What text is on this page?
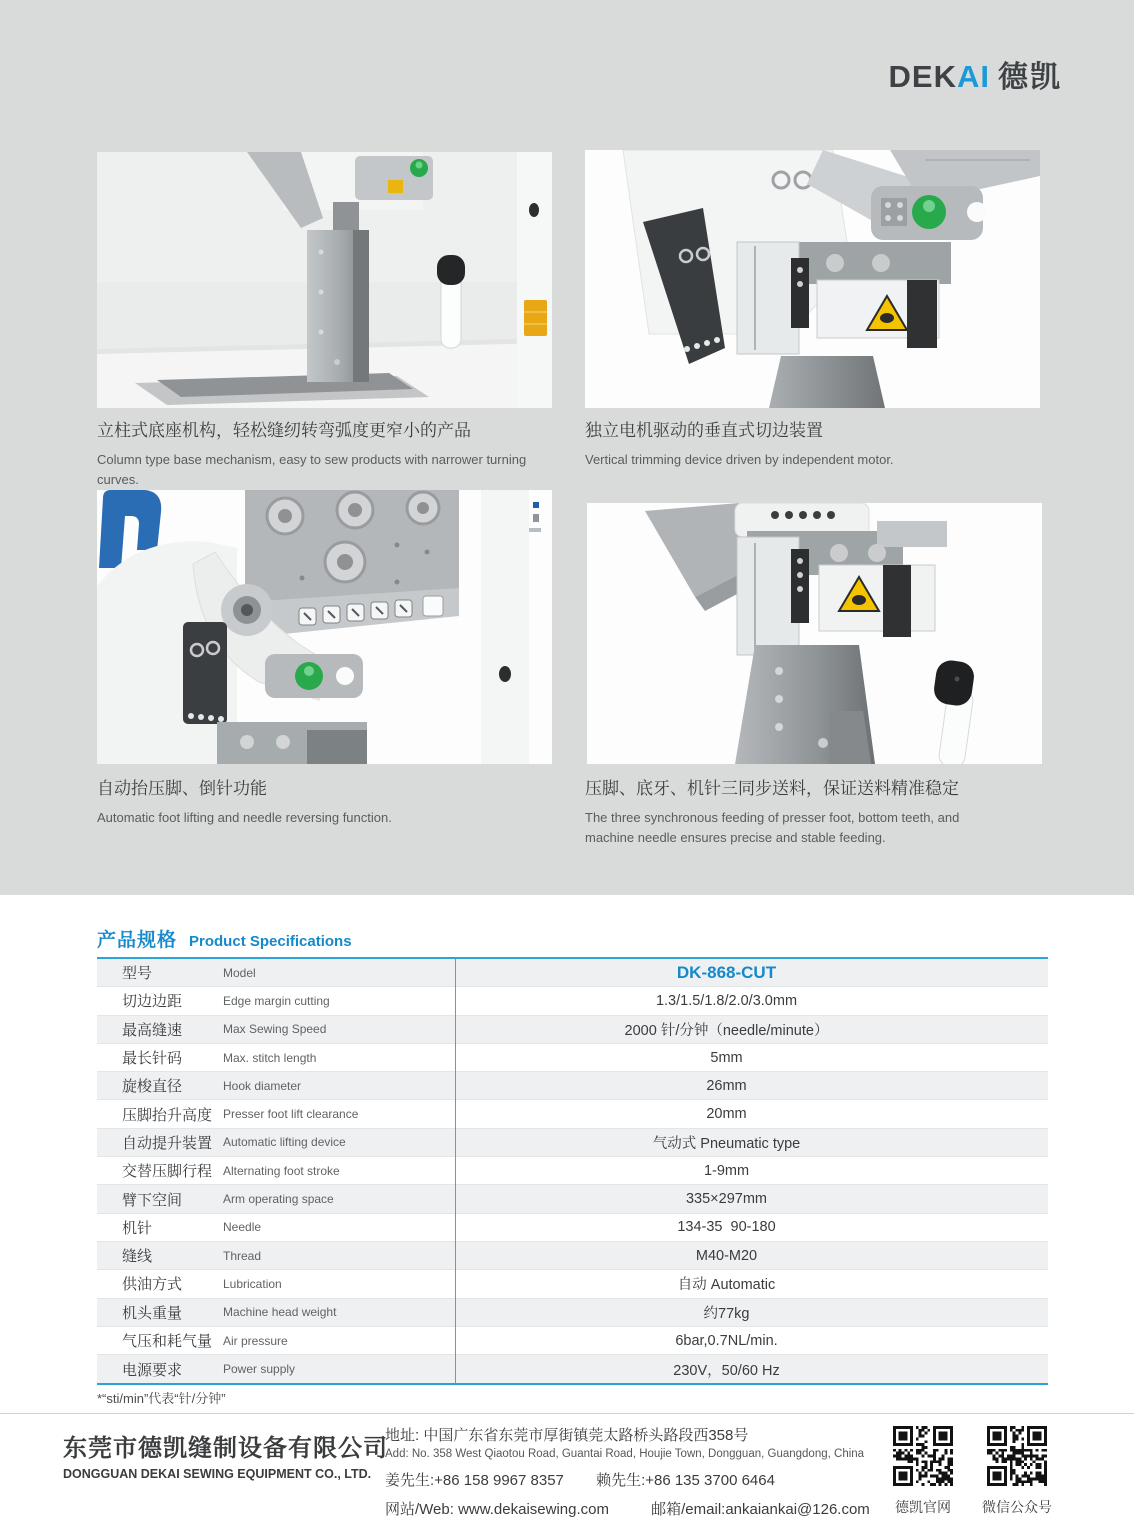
DEK AI 德凯
立柱式底座机构，轻松缝纫转弯弧度更窄小的产品
Column type base mechanism, easy to sew products with narrower turning curves.
独立电机驱动的垂直式切边装置
Vertical trimming device driven by independent motor.
自动抬压脚、倒针功能
Automatic foot lifting and needle reversing function.
压脚、底牙、机针三同步送料，保证送料精准稳定
The three synchronous feeding of presser foot, bottom teeth, and machine needle ensures precise and stable feeding.
产品规格 Product Specifications
型号	Model	DK-868-CUT
切边边距	Edge margin cutting	1.3/1.5/1.8/2.0/3.0mm
最高缝速	Max Sewing Speed	2000 针/分钟（needle/minute）
最长针码	Max. stitch length	5mm
旋梭直径	Hook diameter	26mm
压脚抬升高度 Presser foot lift clearance	20mm
自动提升装置 Automatic lifting device	气动式 Pneumatic type
交替压脚行程 Alternating foot stroke	1-9mm
臂下空间	Arm operating space	335×297mm
机针	Needle	134-35  90-180
缝线	Thread	M40-M20
供油方式	Lubrication	自动 Automatic
机头重量	Machine head weight	约77kg
气压和耗气量 Air pressure	6bar,0.7NL/min.
电源要求	Power supply	230V，50/60 Hz
*“sti/min”代表“针/分钟”
东莞市德凯缝制设备有限公司
DONGGUAN DEKAI SEWING EQUIPMENT CO., LTD.
地址: 中国广东省东莞市厚街镇莞太路桥头路段西358号
Add: No. 358 West Qiaotou Road, Guantai Road, Houjie Town, Dongguan, Guangdong, China
姜先生:+86 158 9967 8357 赖先生:+86 135 3700 6464
网站/Web: www.dekaisewing.com	邮箱/email:ankaiankai@126.com	德凯官网	微信公众号
